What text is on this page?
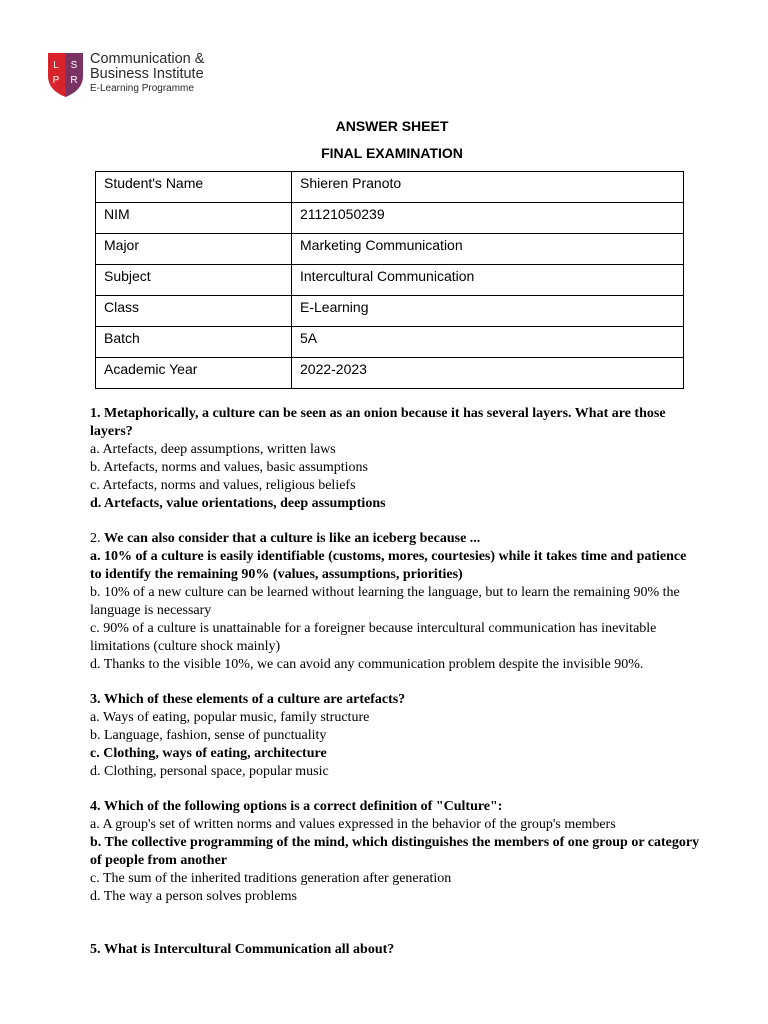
L S
P R
Communication &
Business Institute
E-Learning Programme
ANSWER SHEET
FINAL EXAMINATION
Student's Name	Shieren Pranoto
NIM	21121050239
Major	Marketing Communication
Subject	Intercultural Communication
Class	E-Learning
Batch	5A
Academic Year	2022-2023

1. Metaphorically, a culture can be seen as an onion because it has several layers. What are those layers?

a. Artefacts, deep assumptions, written laws

b. Artefacts, norms and values, basic assumptions

c. Artefacts, norms and values, religious beliefs

d. Artefacts, value orientations, deep assumptions

2. We can also consider that a culture is like an iceberg because ...

a. 10% of a culture is easily identifiable (customs, mores, courtesies) while it takes time and patience to identify the remaining 90% (values, assumptions, priorities)

b. 10% of a new culture can be learned without learning the language, but to learn the remaining 90% the language is necessary

c. 90% of a culture is unattainable for a foreigner because intercultural communication has inevitable limitations (culture shock mainly)

d. Thanks to the visible 10%, we can avoid any communication problem despite the invisible 90%.

3. Which of these elements of a culture are artefacts?

a. Ways of eating, popular music, family structure

b. Language, fashion, sense of punctuality

c. Clothing, ways of eating, architecture

d. Clothing, personal space, popular music

4. Which of the following options is a correct definition of "Culture":

a. A group's set of written norms and values expressed in the behavior of the group's members

b. The collective programming of the mind, which distinguishes the members of one group or category of people from another

c. The sum of the inherited traditions generation after generation

d. The way a person solves problems

5. What is Intercultural Communication all about?
